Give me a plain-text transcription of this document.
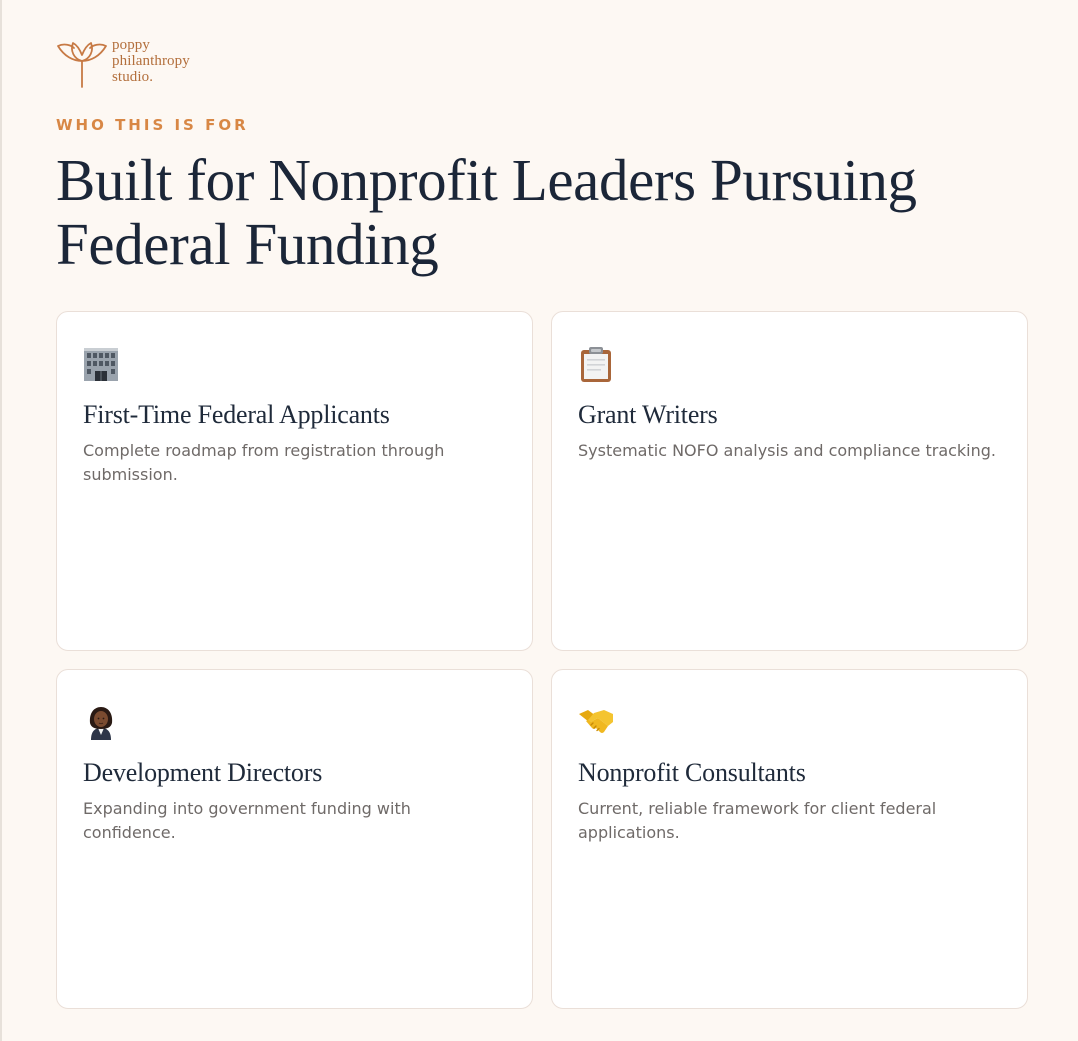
poppy
philanthropy
studio.
WHO THIS IS FOR
Built for Nonprofit Leaders Pursuing
Federal Funding
First-Time Federal Applicants
Complete roadmap from registration through submission.
Grant Writers
Systematic NOFO analysis and compliance tracking.
Development Directors
Expanding into government funding with confidence.
Nonprofit Consultants
Current, reliable framework for client federal applications.
